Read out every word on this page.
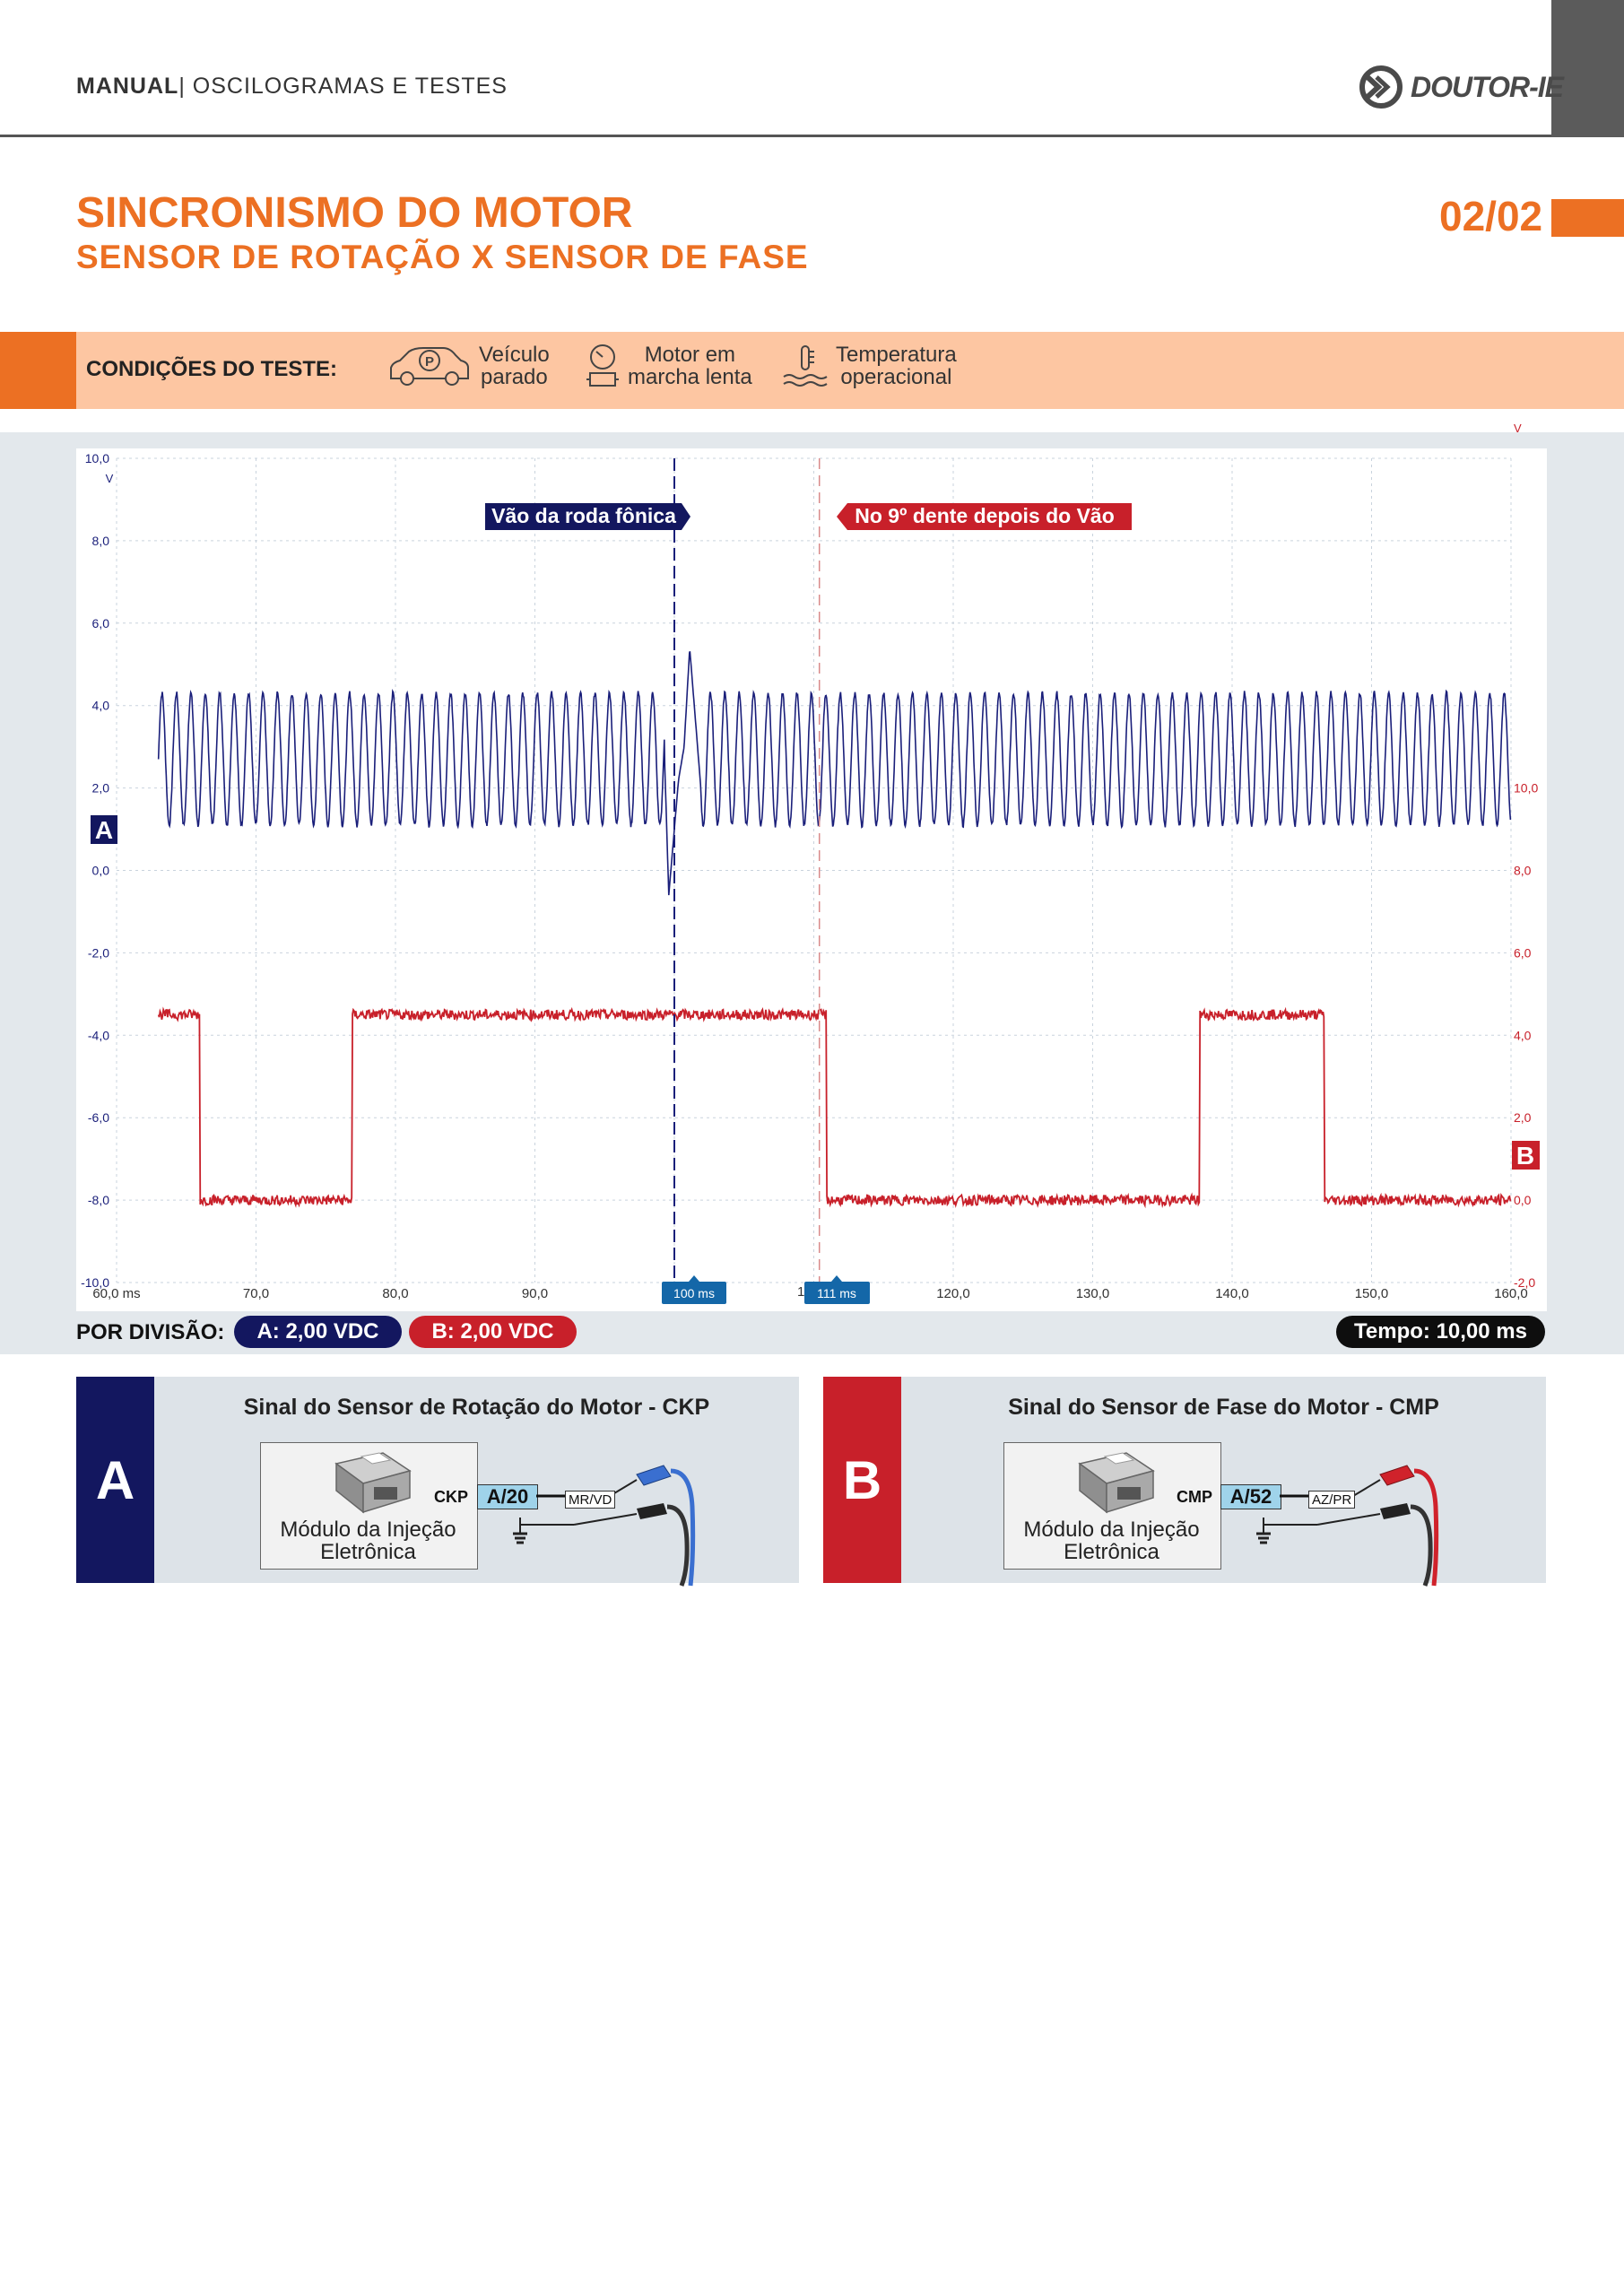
MANUAL| OSCILOGRAMAS E TESTES	DOUTOR-IE
SINCRONISMO DO MOTOR
SENSOR DE ROTAÇÃO X SENSOR DE FASE
02/02
CONDIÇÕES DO TESTE:	P Veículo
parado
Motor em
marcha lenta
Temperatura
operacional
60,0 ms	70,0	80,0	90,0	120,0	130,0	140,0	150,0	160,0
10,0
8,0
6,0
4,0
2,0
0,0
-2,0
-4,0
-6,0
-8,0
-10,0
10,0
8,0
6,0
4,0
2,0
0,0
-2,0
V
V
A
B
Vão da roda fônica	No 9º dente depois do Vão
1
100 ms	111 ms
POR DIVISÃO:	A: 2,00 VDC	B: 2,00 VDC	Tempo: 10,00 ms
A
Sinal do Sensor de Rotação do Motor - CKP
Módulo da Injeção
Eletrônica
CKP A/20	MR/VD	B
Sinal do Sensor de Fase do Motor - CMP
Módulo da Injeção
Eletrônica
CMP A/52	AZ/PR
